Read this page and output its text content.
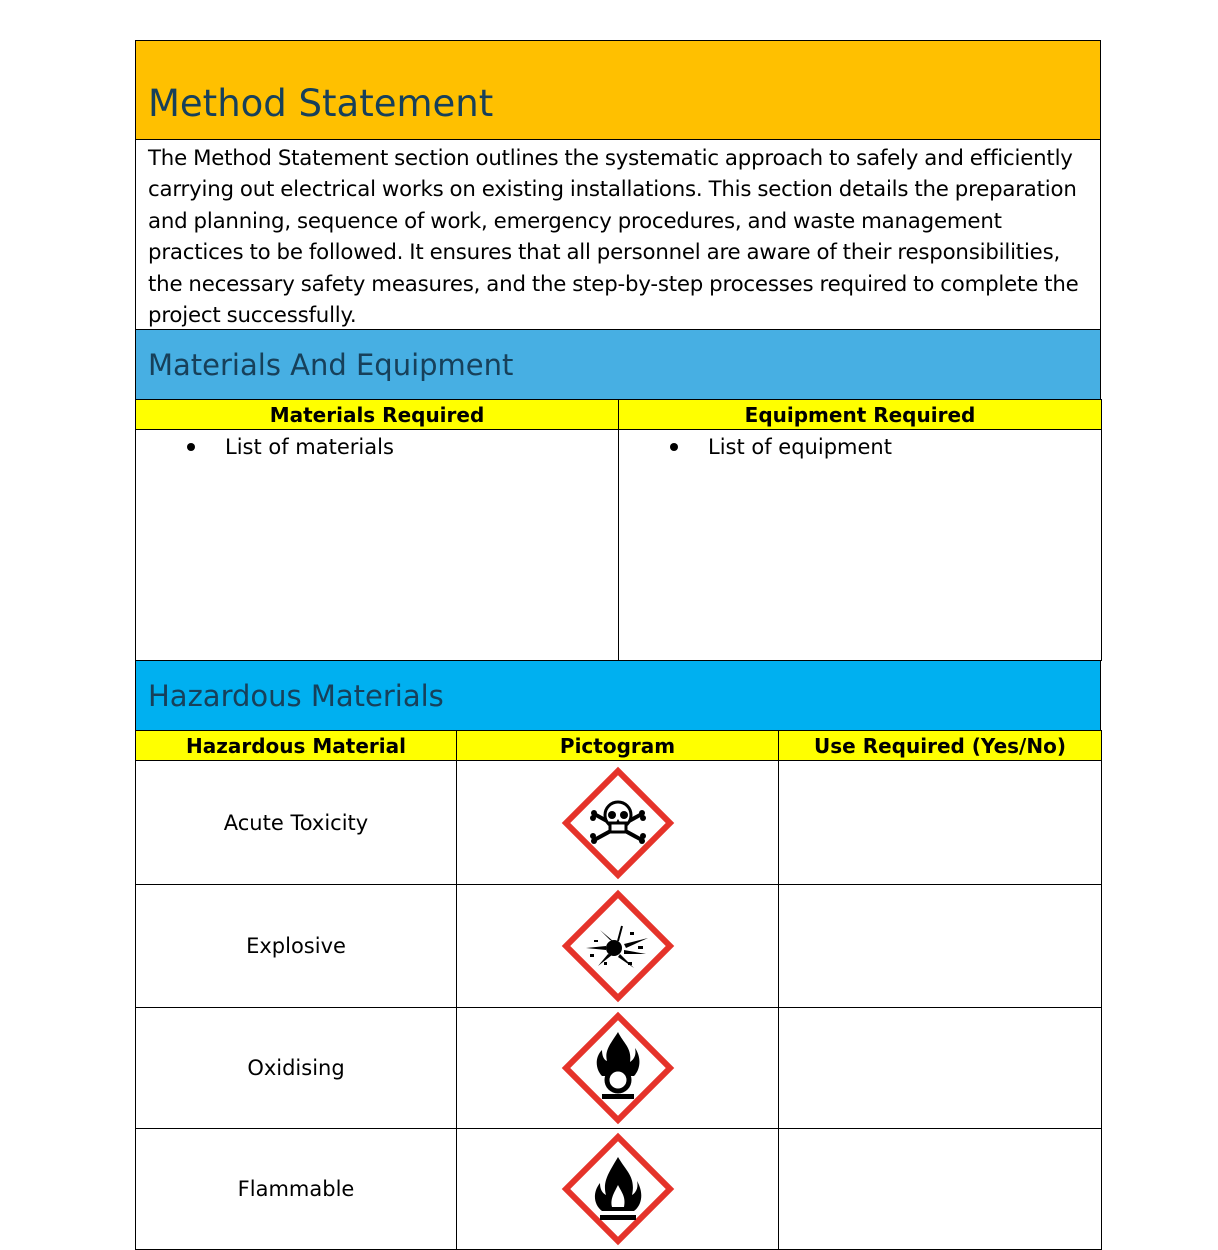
Method Statement
The Method Statement section outlines the systematic approach to safely and efficiently carrying out electrical works on existing installations. This section details the preparation and planning, sequence of work, emergency procedures, and waste management practices to be followed. It ensures that all personnel are aware of their responsibilities, the necessary safety measures, and the step-by-step processes required to complete the project successfully.
Materials And Equipment
Materials Required	Equipment Required

List of materials	List of equipment
Hazardous Materials
Hazardous Material	Pictogram	Use Required (Yes/No)
Acute Toxicity		
Explosive		
Oxidising		
Flammable		
